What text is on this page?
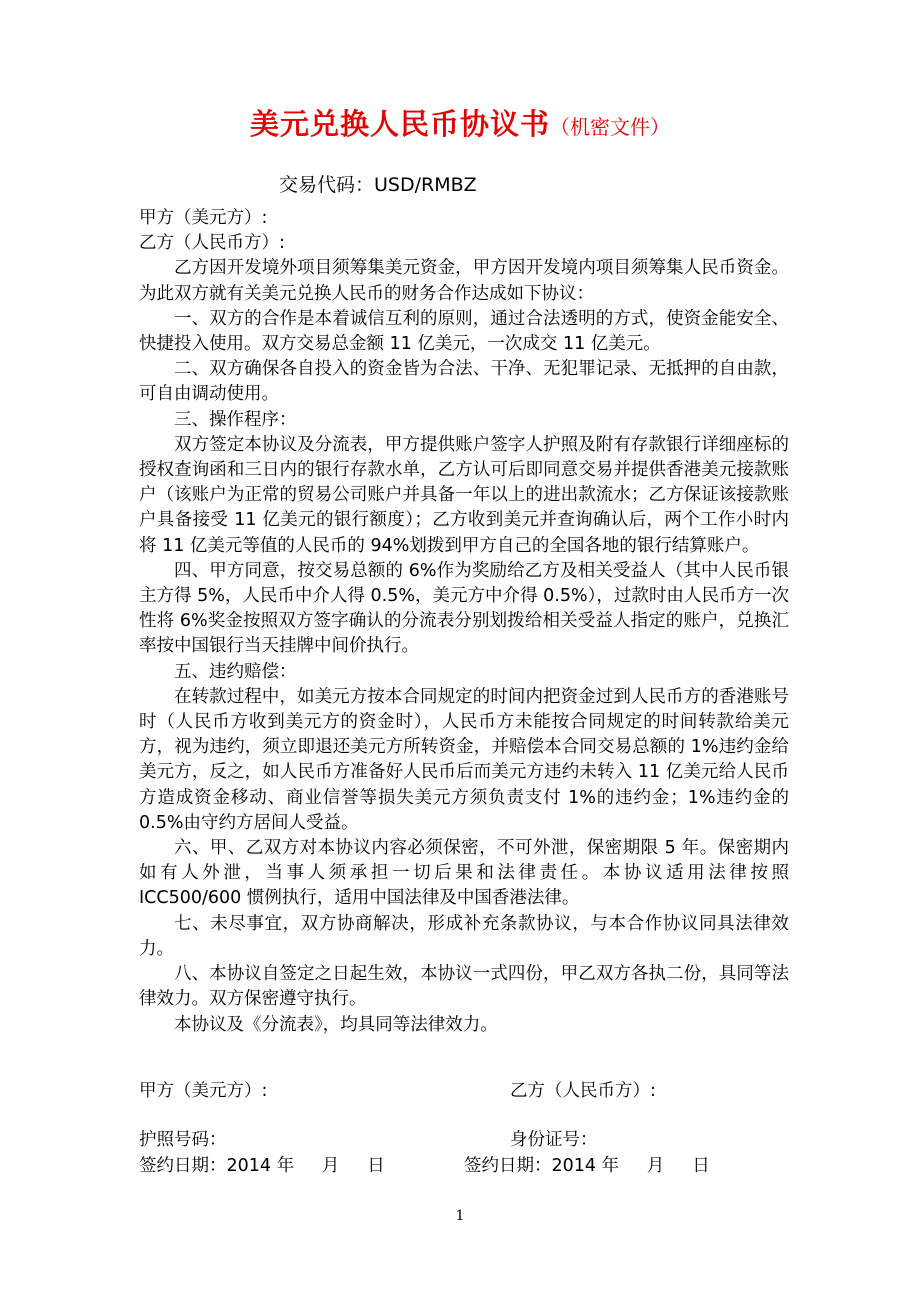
美元兑换人民币协议书（机密文件）
交易代码：USD/RMBZ

甲方（美元方）:

乙方（人民币方）:

乙方因开发境外项目须筹集美元资金，甲方因开发境内项目须筹集人民币资金。为此双方就有关美元兑换人民币的财务合作达成如下协议：

一、双方的合作是本着诚信互利的原则，通过合法透明的方式，使资金能安全、快捷投入使用。双方交易总金额 11 亿美元，一次成交 11 亿美元。

二、双方确保各自投入的资金皆为合法、干净、无犯罪记录、无抵押的自由款，可自由调动使用。

三、操作程序：

双方签定本协议及分流表，甲方提供账户签字人护照及附有存款银行详细座标的授权查询函和三日内的银行存款水单，乙方认可后即同意交易并提供香港美元接款账户（该账户为正常的贸易公司账户并具备一年以上的进出款流水；乙方保证该接款账户具备接受 11 亿美元的银行额度）；乙方收到美元并查询确认后，两个工作小时内将 11 亿美元等值的人民币的 94%划拨到甲方自己的全国各地的银行结算账户。

四、甲方同意，按交易总额的 6%作为奖励给乙方及相关受益人（其中人民币银主方得 5%，人民币中介人得 0.5%，美元方中介得 0.5%），过款时由人民币方一次性将 6%奖金按照双方签字确认的分流表分别划拨给相关受益人指定的账户，兑换汇率按中国银行当天挂牌中间价执行。

五、违约赔偿：

在转款过程中，如美元方按本合同规定的时间内把资金过到人民币方的香港账号时（人民币方收到美元方的资金时），人民币方未能按合同规定的时间转款给美元方，视为违约，须立即退还美元方所转资金，并赔偿本合同交易总额的 1%违约金给美元方，反之，如人民币方准备好人民币后而美元方违约未转入 11 亿美元给人民币方造成资金移动、商业信誉等损失美元方须负责支付 1%的违约金；1%违约金的 0.5%由守约方居间人受益。

六、甲、乙双方对本协议内容必须保密，不可外泄，保密期限 5 年。保密期内如有人外泄，当事人须承担一切后果和法律责任。本协议适用法律按照 ICC500/600 惯例执行，适用中国法律及中国香港法律。

七、未尽事宜，双方协商解决，形成补充条款协议，与本合作协议同具法律效力。

八、本协议自签定之日起生效，本协议一式四份，甲乙双方各执二份，具同等法律效力。双方保密遵守执行。

本协议及《分流表》，均具同等法律效力。

甲方（美元方）:	乙方（人民币方）:
护照号码：	身份证号：
签约日期：2014 年     月     日	签约日期：2014 年     月     日
1
